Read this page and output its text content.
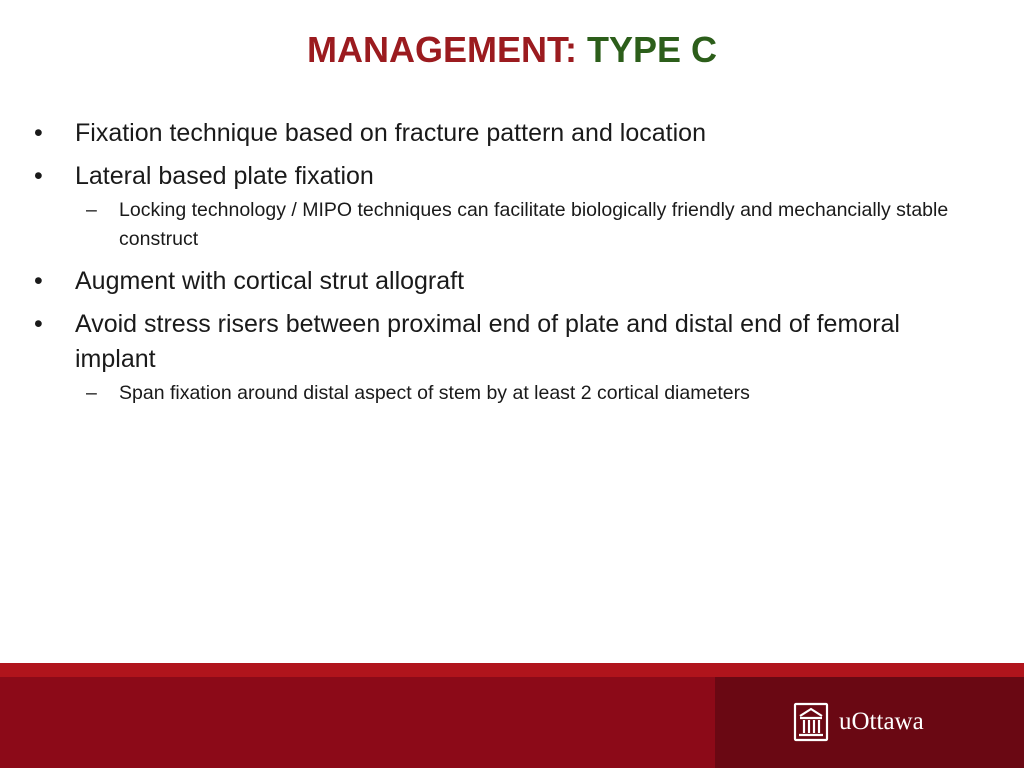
MANAGEMENT: TYPE C
• Fixation technique based on fracture pattern and location
• Lateral based plate fixation
– Locking technology / MIPO techniques can facilitate biologically friendly and mechancially stable construct
• Augment with cortical strut allograft
• Avoid stress risers between proximal end of plate and distal end of femoral implant
– Span fixation around distal aspect of stem by at least 2 cortical diameters
uOttawa
